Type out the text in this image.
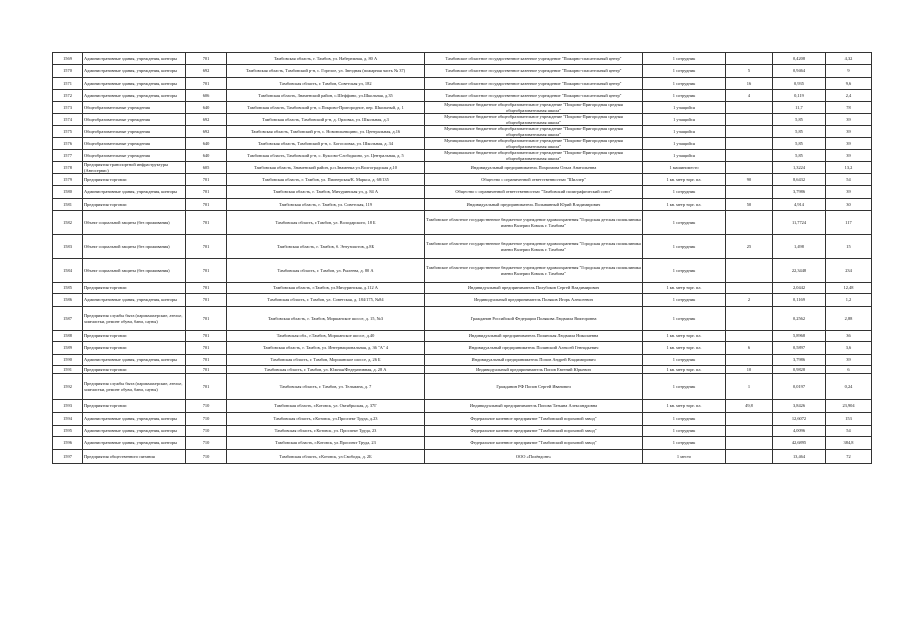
1569	Административные здания, учреждения, конторы	701	Тамбовская область, г. Тамбов, ул. Набережная, д. 80 А	Тамбовское областное государственное казенное учреждение "Пожарно-спасательный центр"	1 сотрудник		0,4208	4,32
1570	Административные здания, учреждения, конторы	692	Тамбовская область, Тамбовский р-н, с. Горелое, ул. Звездная (пожарная часть № 37)	Тамбовское областное государственное казенное учреждение "Пожарно-спасательный центр"	1 сотрудник	5	0,9464	9
1571	Административные здания, учреждения, конторы	701	Тамбовская область, г. Тамбов, Советская ул, 182	Тамбовское областное государственное казенное учреждение "Пожарно-спасательный центр"	1 сотрудник	16	0,935	9,6
1572	Административные здания, учреждения, конторы	606	Тамбовская область, Знаменский район, с.Шеффино, ул.Школьная, д.35	Тамбовское областное государственное казенное учреждение "Пожарно-спасательный центр"	1 сотрудник	4	0,119	2,4
1573	Общеобразовательные учреждения	640	Тамбовская область, Тамбовский р-н, с.Покрово-Пригородное, пер. Школьный, д. 1	Муниципальное бюджетное общеобразовательное учреждение "Покрово-Пригородная средняя общеобразовательная школа"	1 учащийся		11,7	78
1574	Общеобразовательные учреждения	692	Тамбовская область, Тамбовский р-н, д. Орловка, ул. Школьная, д.3	Муниципальное бюджетное общеобразовательное учреждение "Покрово-Пригородная средняя общеобразовательная школа"	1 учащийся		5,85	39
1575	Общеобразовательные учреждения	692	Тамбовская область, Тамбовский р-н, с. Новоюльевщино, ул. Центральная, д.16	Муниципальное бюджетное общеобразовательное учреждение "Покрово-Пригородная средняя общеобразовательная школа"	1 учащийся		5,85	39
1576	Общеобразовательные учреждения	640	Тамбовская область, Тамбовский р-н, с. Богословка, ул. Школьная, д. 34	Муниципальное бюджетное общеобразовательное учреждение "Покрово-Пригородная средняя общеобразовательная школа"	1 учащийся		5,85	39
1577	Общеобразовательные учреждения	640	Тамбовская область, Тамбовский р-н, с. Куксово-Слободкино, ул. Центральная, д. 5	Муниципальное бюджетное общеобразовательное учреждение "Покрово-Пригородная средняя общеобразовательная школа"	1 учащийся		5,85	39
1578	Предприятия транспортной инфраструктуры (Автосервис)	605	Тамбовская область, Знаменский район, р.п.Знаменка ул.Волгоградская д.10	Индивидуальный предприниматель Похромова Ольга Анатольевна	1 машиноместо		1,3224	13,2
1579	Предприятия торговли	701	Тамбовская область, г. Тамбов, ул. Пионерская/К. Маркса, д. 68/135	Общество с ограниченной ответственностью "Шиллер"	1 кв. метр торг. пл.	90	8,6432	54
1580	Административные здания, учреждения, конторы	701	Тамбовская область, г. Тамбов, Мичуринская ул, д. 84 А	Общество с ограниченной ответственностью "Тамбовский полиграфический союз"	1 сотрудник		3,7986	39
1581	Предприятия торговли	701	Тамбовская область, г. Тамбов, ул. Советская, 119	Индивидуальный предприниматель Полывянный Юрий Владимирович	1 кв. метр торг. пл.	50	4,914	30
1582	Объект социальной защиты (без проживания)	701	Тамбовская область, г.Тамбов, ул. Володарского, 18 Б	Тамбовское областное государственное бюджетное учреждение здравоохранения "Городская детская поликлиника имени Валерии Коваль г. Тамбова"	1 сотрудник		11,7724	117
1583	Объект социальной защиты (без проживания)	701	Тамбовская область, г. Тамбов, б. Энтузиастов, д.8Б	Тамбовское областное государственное бюджетное учреждение здравоохранения "Городская детская поликлиника имени Валерии Коваль г. Тамбова"	1 сотрудник	25	1,498	15
1584	Объект социальной защиты (без проживания)	701	Тамбовская область, г. Тамбов, ул. Рылеева, д. 80 А	Тамбовское областное государственное бюджетное учреждение здравоохранения "Городская детская поликлиника имени Валерии Коваль г. Тамбова"	1 сотрудник		22,3448	234
1585	Предприятия торговли	701	Тамбовская область, г.Тамбов, ул.Мичуринская, д.112 А	Индивидуальный предприниматель Полубоков Сергей Владимирович	1 кв. метр торг. пл.		2,0442	12,48
1586	Административные здания, учреждения, конторы	701	Тамбовская область, г. Тамбов, ул. Советская, д. 184/175, №84	Индивидуальный предприниматель Поляков Игорь Алексеевич	1 сотрудник	2	0,1169	1,2
1587	Предприятия службы быта (парикмахерские, ателье, химчистки, ремонт обуви, бани, сауны)	701	Тамбовская область, г. Тамбов, Моршанское шоссе, д. 15, №3	Гражданин Российской Федерации Полякова Людмила Викторовна	1 сотрудник		0,2562	2,88
1588	Предприятия торговли	701	Тамбовская обл., г.Тамбов, Моршанское шоссе, д.40	Индивидуальный предприниматель Полянская Людмила Николаевна	1 кв. метр торг. пл.		5,8968	36
1589	Предприятия торговли	701	Тамбовская область, г. Тамбов, ул. Интернациональная, д. 36 "А" 4	Индивидуальный предприниматель Полянский Алексей Геннадьевич	1 кв. метр торг. пл.	6	0,5897	3,6
1590	Административные здания, учреждения, конторы	701	Тамбовская область, г. Тамбов, Моршанское шоссе, д. 26 Б	Индивидуальный предприниматель Попов Андрей Владимирович	1 сотрудник		3,7986	39
1591	Предприятия торговли	701	Тамбовская область, г. Тамбов, ул. Южная/Федеративная, д. 28 А	Индивидуальный предприниматель Попов Евгений Юрьевич	1 кв. метр торг. пл.	10	0,9828	6
1592	Предприятия службы быта (парикмахерские, ателье, химчистки, ремонт обуви, бани, сауны)	701	Тамбовская область, г. Тамбов, ул. Тельмана, д. 7	Гражданин РФ Попов Сергей Иванович	1 сотрудник	1	0,0197	0,24
1593	Предприятия торговли	710	Тамбовская область, г.Котовск, ул. Октябрьская, д. 37Г	Индивидуальный предприниматель Попова Татьяна Александровна	1 кв. метр торг. пл.	49,8	3,8426	23,904
1594	Административные здания, учреждения, конторы	710	Тамбовская область, г.Котовск, ул.Проспект Труда, д.23	Федеральное казенное предприятие "Тамбовский пороховой завод"	1 сотрудник		12,6072	153
1595	Административные здания, учреждения, конторы	710	Тамбовская область, г.Котовск, ул. Проспект Труда, 23	Федеральное казенное предприятие "Тамбовский пороховой завод"	1 сотрудник		4,0096	54
1596	Административные здания, учреждения, конторы	710	Тамбовская область, г.Котовск, ул.Проспект Труда, 23	Федеральное казенное предприятие "Тамбовский пороховой завод"	1 сотрудник		42,6895	384,8
1597	Предприятия общественного питания	710	Тамбовская область, г.Котовск, ул.Свободы, д. 2Б	ООО «Полёвдоне»	1 место		13,464	72
